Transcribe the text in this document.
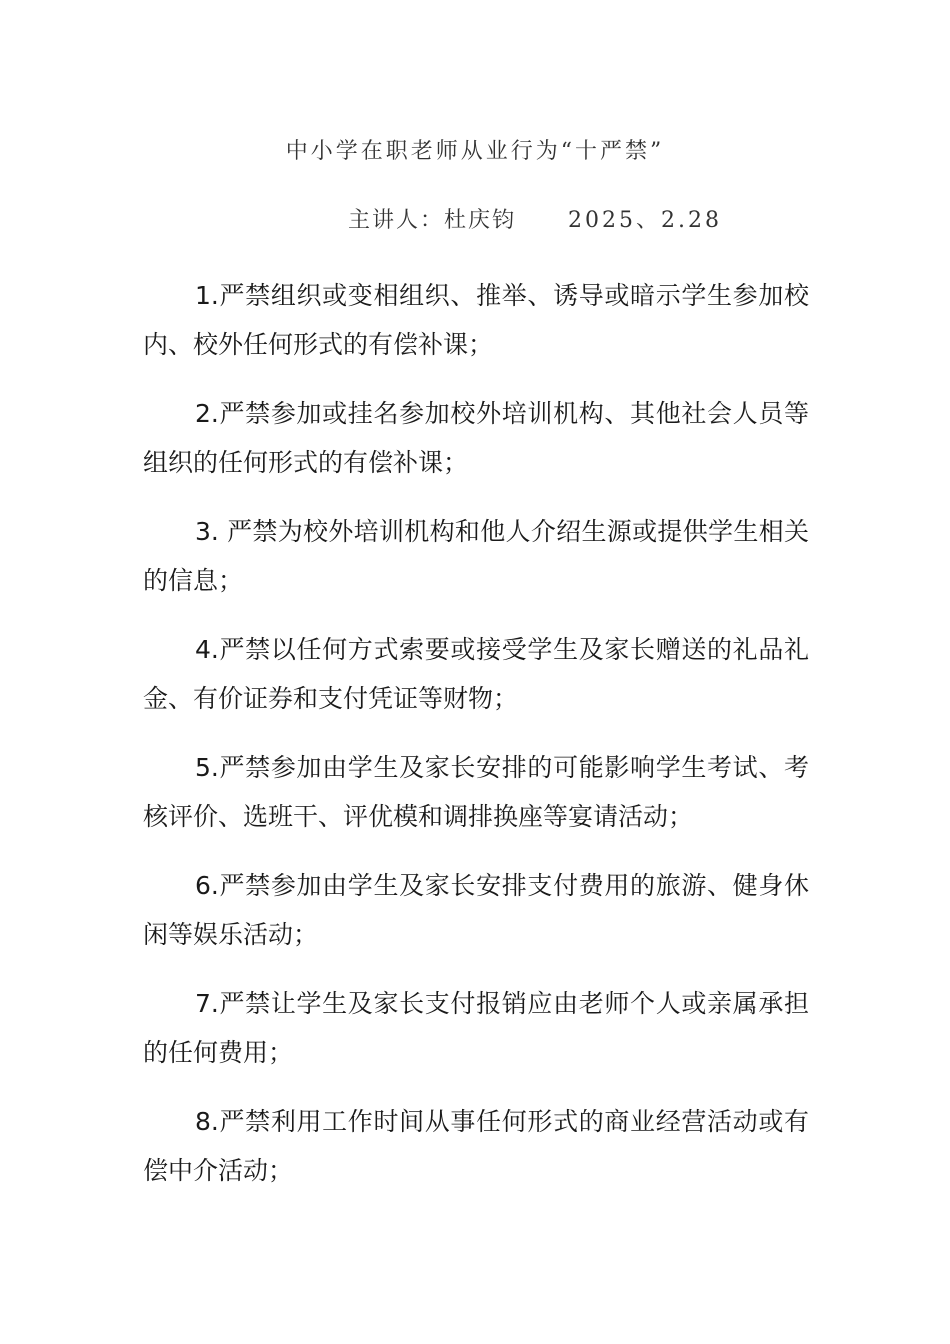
中小学在职老师从业行为“十严禁”
主讲人：杜庆钧 2025、2.28
1.严禁组织或变相组织、推举、诱导或暗示学生参加校内、校外任何形式的有偿补课；
2.严禁参加或挂名参加校外培训机构、其他社会人员等组织的任何形式的有偿补课；
3. 严禁为校外培训机构和他人介绍生源或提供学生相关的信息；
4.严禁以任何方式索要或接受学生及家长赠送的礼品礼金、有价证券和支付凭证等财物；
5.严禁参加由学生及家长安排的可能影响学生考试、考核评价、选班干、评优模和调排换座等宴请活动；
6.严禁参加由学生及家长安排支付费用的旅游、健身休闲等娱乐活动；
7.严禁让学生及家长支付报销应由老师个人或亲属承担的任何费用；
8.严禁利用工作时间从事任何形式的商业经营活动或有偿中介活动；
